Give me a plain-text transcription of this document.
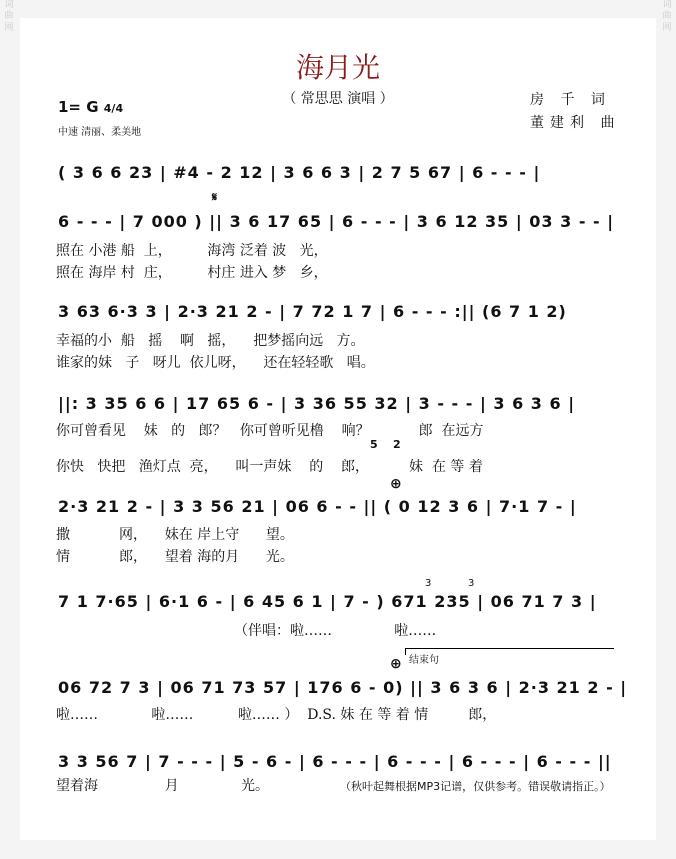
词
曲
网
词
曲
网
海月光
（ 常思思 演唱 ）
1= G 4/4
中速 清丽、柔美地
房 千 词
董建利 曲
( 3 6 6 23 | #4 - 2 12 | 3 6 6 3 | 2 7 5 67 | 6 - - - |
𝄋
6 - - - | 7 000 ) || 3 6 17 65 | 6 - - - | 3 6 12 35 | 03 3 - - |
照在 小港 船  上，        海湾 泛着 波   光，
照在 海岸 村  庄，        村庄 进入 梦   乡，
3 63 6·3 3 | 2·3 21 2 - | 7 72 1 7 | 6 - - - :|| (6 7 1 2)
幸福的小  船   摇    啊   摇，    把梦摇向远   方。
谁家的妹   子   呀儿  依儿呀，    还在轻轻歌   唱。
||: 3 35 6 6 | 17 65 6 - | 3 36 55 32 | 3 - - - | 3 6 3 6 |
你可曾看见    妹   的   郎？   你可曾听见橹    响？           郎  在远方
5    2
你快   快把   渔灯点  亮，    叫一声妹    的    郎，         妹  在 等 着
⊕
2·3 21 2 - | 3 3 56 21 | 06 6 - - || ( 0 12 3 6 | 7·1 7 - |
撒           网，    妹在 岸上守      望。
情           郎，    望着 海的月      光。
3	3
7 1 7·65 | 6·1 6 - | 6 45 6 1 | 7 - ) 671 235 | 06 71 7 3 |
（伴唱：啦……              啦……
⊕ 结束句
06 72 7 3 | 06 71 73 57 | 176 6 - 0) || 3 6 3 6 | 2·3 21 2 - |
啦……            啦……          啦…… ）  D.S. 妹 在 等 着 情         郎，
3 3 56 7 | 7 - - - | 5 - 6 - | 6 - - - | 6 - - - | 6 - - - | 6 - - - ||
望着海               月              光。	（秋叶起舞根据MP3记谱，仅供参考。错误敬请指正。）
